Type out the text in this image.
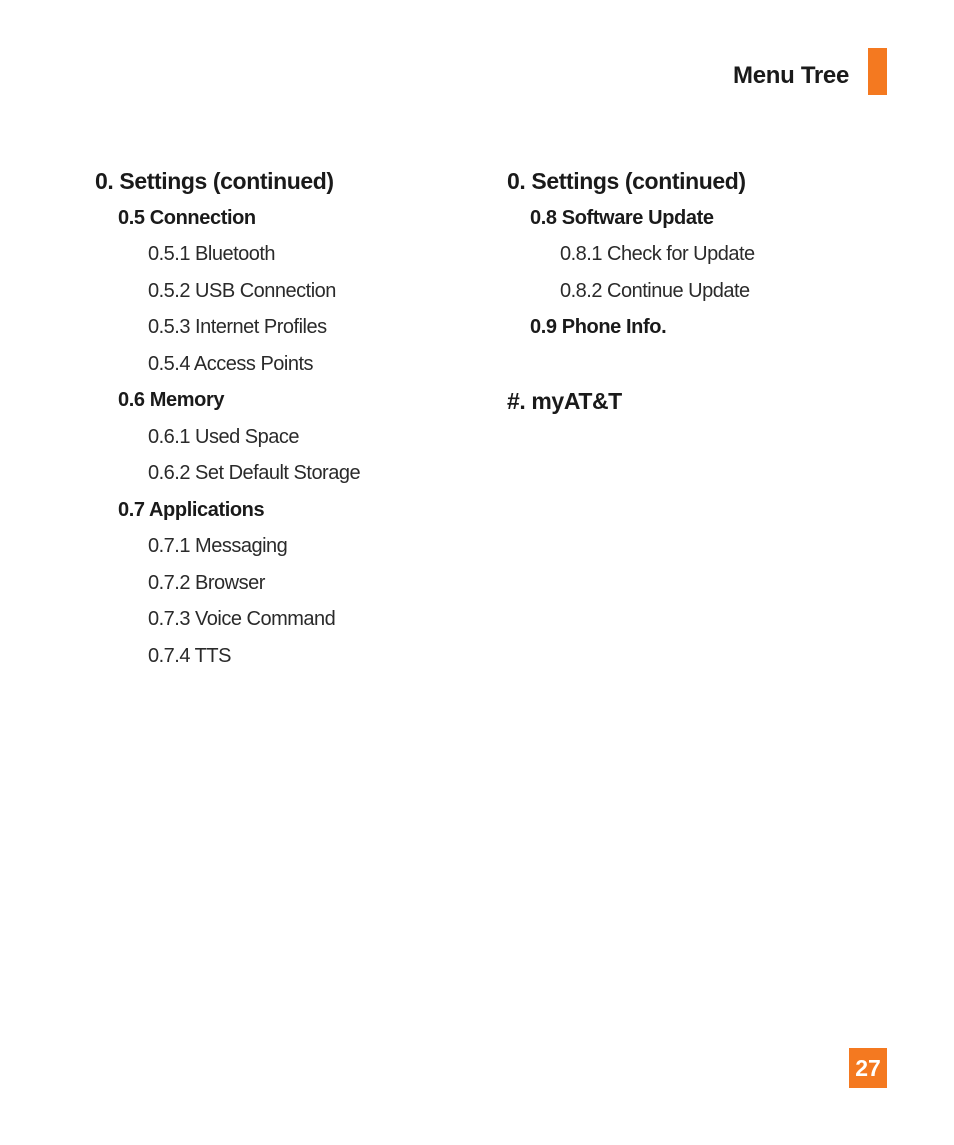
Menu Tree
0. Settings (continued)
0.5 Connection
0.5.1 Bluetooth
0.5.2 USB Connection
0.5.3 Internet Profiles
0.5.4 Access Points
0.6 Memory
0.6.1 Used Space
0.6.2 Set Default Storage
0.7 Applications
0.7.1 Messaging
0.7.2 Browser
0.7.3 Voice Command
0.7.4 TTS
0. Settings (continued)
0.8 Software Update
0.8.1 Check for Update
0.8.2 Continue Update
0.9 Phone Info.
#. myAT&T
27
